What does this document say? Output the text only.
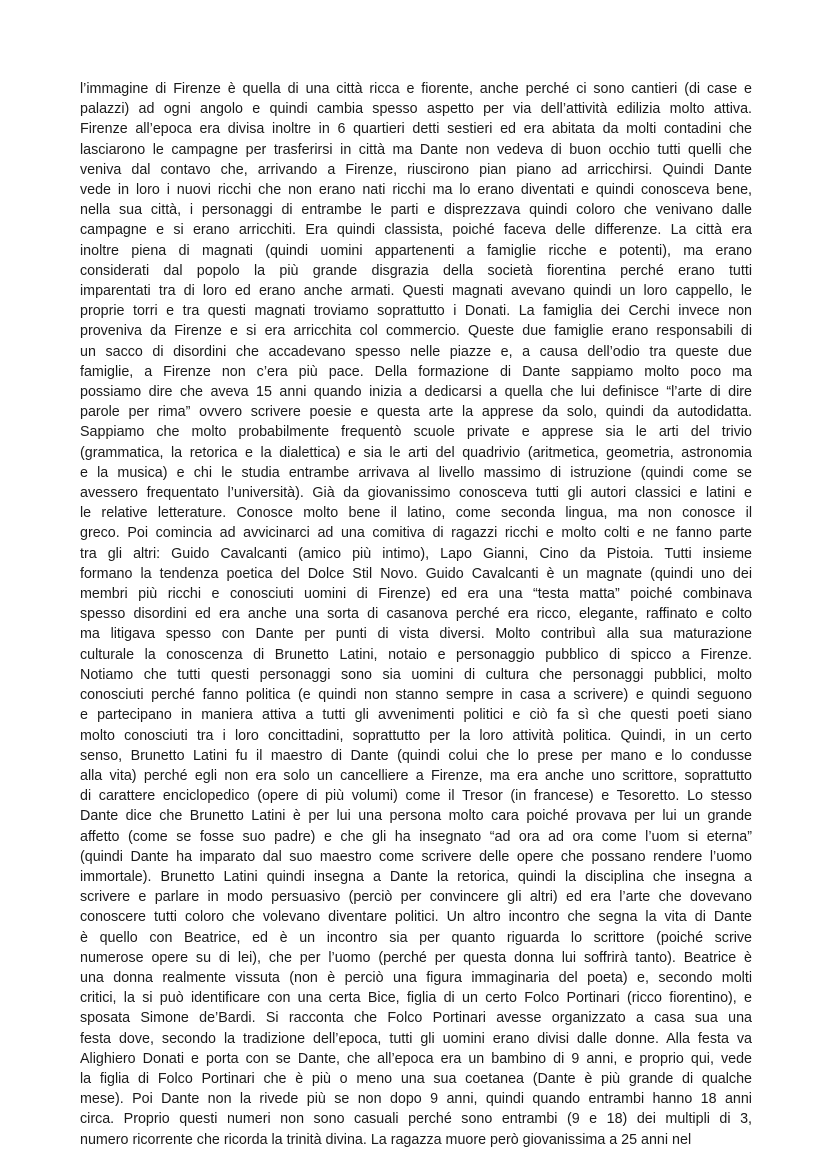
l’immagine di Firenze è quella di una città ricca e fiorente, anche perché ci sono cantieri (di case e
palazzi) ad ogni angolo e quindi cambia spesso aspetto per via dell’attività edilizia molto attiva.
Firenze all’epoca era divisa inoltre in 6 quartieri detti sestieri ed era abitata da molti contadini che
lasciarono le campagne per trasferirsi in città ma Dante non vedeva di buon occhio tutti quelli che
veniva dal contavo che, arrivando a Firenze, riuscirono pian piano ad arricchirsi. Quindi Dante
vede in loro i nuovi ricchi che non erano nati ricchi ma lo erano diventati e quindi conosceva bene,
nella sua città, i personaggi di entrambe le parti e disprezzava quindi coloro che venivano dalle
campagne e si erano arricchiti. Era quindi classista, poiché faceva delle differenze. La città era
inoltre piena di magnati (quindi uomini appartenenti a famiglie ricche e potenti), ma erano
considerati dal popolo la più grande disgrazia della società fiorentina perché erano tutti
imparentati tra di loro ed erano anche armati. Questi magnati avevano quindi un loro cappello, le
proprie torri e tra questi magnati troviamo soprattutto i Donati. La famiglia dei Cerchi invece non
proveniva da Firenze e si era arricchita col commercio. Queste due famiglie erano responsabili di
un sacco di disordini che accadevano spesso nelle piazze e, a causa dell’odio tra queste due
famiglie, a Firenze non c’era più pace. Della formazione di Dante sappiamo molto poco ma
possiamo dire che aveva 15 anni quando inizia a dedicarsi a quella che lui definisce “l’arte di dire
parole per rima” ovvero scrivere poesie e questa arte la apprese da solo, quindi da autodidatta.
Sappiamo che molto probabilmente frequentò scuole private e apprese sia le arti del trivio
(grammatica, la retorica e la dialettica) e sia le arti del quadrivio (aritmetica, geometria, astronomia
e la musica) e chi le studia entrambe arrivava al livello massimo di istruzione (quindi come se
avessero frequentato l’università). Già da giovanissimo conosceva tutti gli autori classici e latini e
le relative letterature. Conosce molto bene il latino, come seconda lingua, ma non conosce il
greco. Poi comincia ad avvicinarci ad una comitiva di ragazzi ricchi e molto colti e ne fanno parte
tra gli altri: Guido Cavalcanti (amico più intimo), Lapo Gianni, Cino da Pistoia. Tutti insieme
formano la tendenza poetica del Dolce Stil Novo. Guido Cavalcanti è un magnate (quindi uno dei
membri più ricchi e conosciuti uomini di Firenze) ed era una “testa matta” poiché combinava
spesso disordini ed era anche una sorta di casanova perché era ricco, elegante, raffinato e colto
ma litigava spesso con Dante per punti di vista diversi. Molto contribuì alla sua maturazione
culturale la conoscenza di Brunetto Latini, notaio e personaggio pubblico di spicco a Firenze.
Notiamo che tutti questi personaggi sono sia uomini di cultura che personaggi pubblici, molto
conosciuti perché fanno politica (e quindi non stanno sempre in casa a scrivere) e quindi seguono
e partecipano in maniera attiva a tutti gli avvenimenti politici e ciò fa sì che questi poeti siano
molto conosciuti tra i loro concittadini, soprattutto per la loro attività politica. Quindi, in un certo
senso, Brunetto Latini fu il maestro di Dante (quindi colui che lo prese per mano e lo condusse
alla vita) perché egli non era solo un cancelliere a Firenze, ma era anche uno scrittore, soprattutto
di carattere enciclopedico (opere di più volumi) come il Tresor (in francese) e Tesoretto. Lo stesso
Dante dice che Brunetto Latini è per lui una persona molto cara poiché provava per lui un grande
affetto (come se fosse suo padre) e che gli ha insegnato “ad ora ad ora come l’uom si eterna”
(quindi Dante ha imparato dal suo maestro come scrivere delle opere che possano rendere l’uomo
immortale). Brunetto Latini quindi insegna a Dante la retorica, quindi la disciplina che insegna a
scrivere e parlare in modo persuasivo (perciò per convincere gli altri) ed era l’arte che dovevano
conoscere tutti coloro che volevano diventare politici. Un altro incontro che segna la vita di Dante
è quello con Beatrice, ed è un incontro sia per quanto riguarda lo scrittore (poiché scrive
numerose opere su di lei), che per l’uomo (perché per questa donna lui soffrirà tanto). Beatrice è
una donna realmente vissuta (non è perciò una figura immaginaria del poeta) e, secondo molti
critici, la si può identificare con una certa Bice, figlia di un certo Folco Portinari (ricco fiorentino), e
sposata Simone de’Bardi. Si racconta che Folco Portinari avesse organizzato a casa sua una
festa dove, secondo la tradizione dell’epoca, tutti gli uomini erano divisi dalle donne. Alla festa va
Alighiero Donati e porta con se Dante, che all’epoca era un bambino di 9 anni, e proprio qui, vede
la figlia di Folco Portinari che è più o meno una sua coetanea (Dante è più grande di qualche
mese). Poi Dante non la rivede più se non dopo 9 anni, quindi quando entrambi hanno 18 anni
circa. Proprio questi numeri non sono casuali perché sono entrambi (9 e 18) dei multipli di 3,
numero ricorrente che ricorda la trinità divina. La ragazza muore però giovanissima a 25 anni nel
